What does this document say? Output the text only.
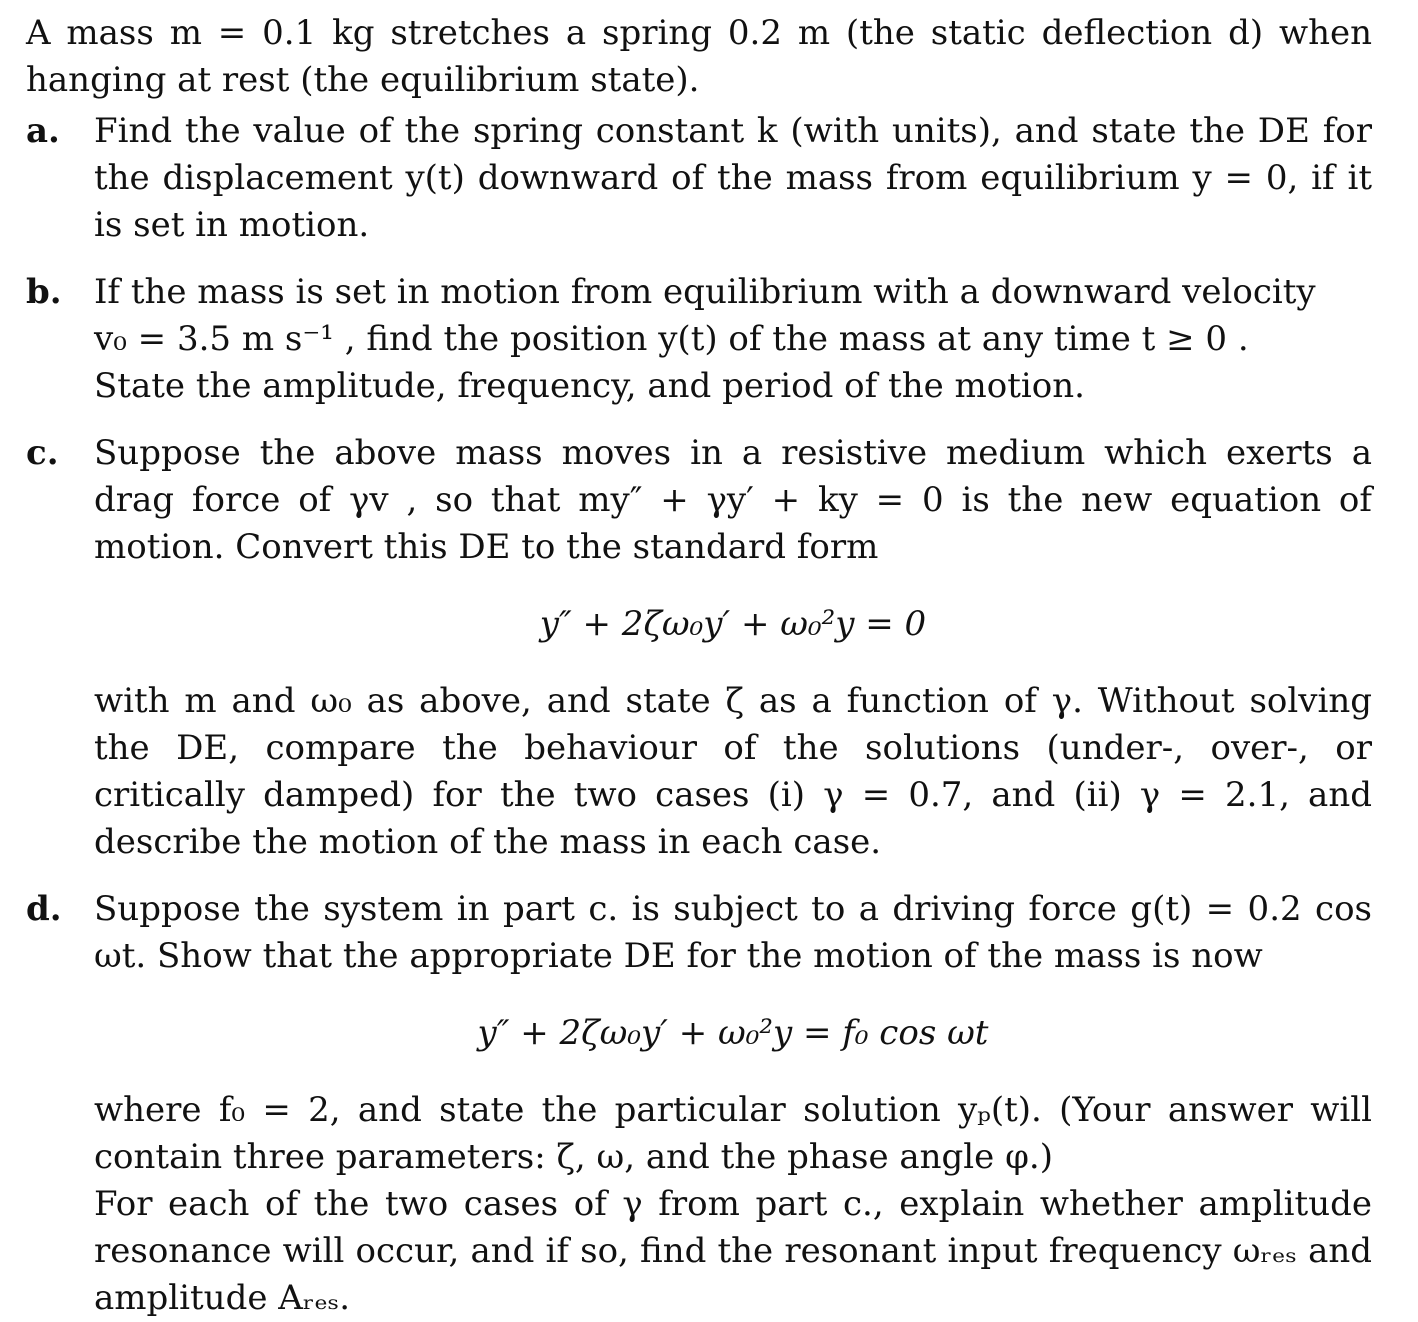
A mass m = 0.1 kg stretches a spring 0.2 m (the static deflection d) when hanging at rest (the equilibrium state).

a. Find the value of the spring constant k (with units), and state the DE for the displacement y(t) downward of the mass from equilibrium y = 0, if it is set in motion.

b. If the mass is set in motion from equilibrium with a downward velocity

v₀ = 3.5 m s⁻¹ , find the position y(t) of the mass at any time t ≥ 0 .

State the amplitude, frequency, and period of the motion.

c. Suppose the above mass moves in a resistive medium which exerts a drag force of γv , so that my″ + γy′ + ky = 0 is the new equation of motion. Convert this DE to the standard form

y″ + 2ζω₀y′ + ω₀²y = 0

with m and ω₀ as above, and state ζ as a function of γ. Without solving the DE, compare the behaviour of the solutions (under-, over-, or critically damped) for the two cases (i) γ = 0.7, and (ii) γ = 2.1, and describe the motion of the mass in each case.

d. Suppose the system in part c. is subject to a driving force g(t) = 0.2 cos ωt. Show that the appropriate DE for the motion of the mass is now

y″ + 2ζω₀y′ + ω₀²y = f₀ cos ωt

where f₀ = 2, and state the particular solution yₚ(t). (Your answer will contain three parameters: ζ, ω, and the phase angle φ.)

For each of the two cases of γ from part c., explain whether amplitude resonance will occur, and if so, find the resonant input frequency ωᵣₑₛ and amplitude Aᵣₑₛ.
